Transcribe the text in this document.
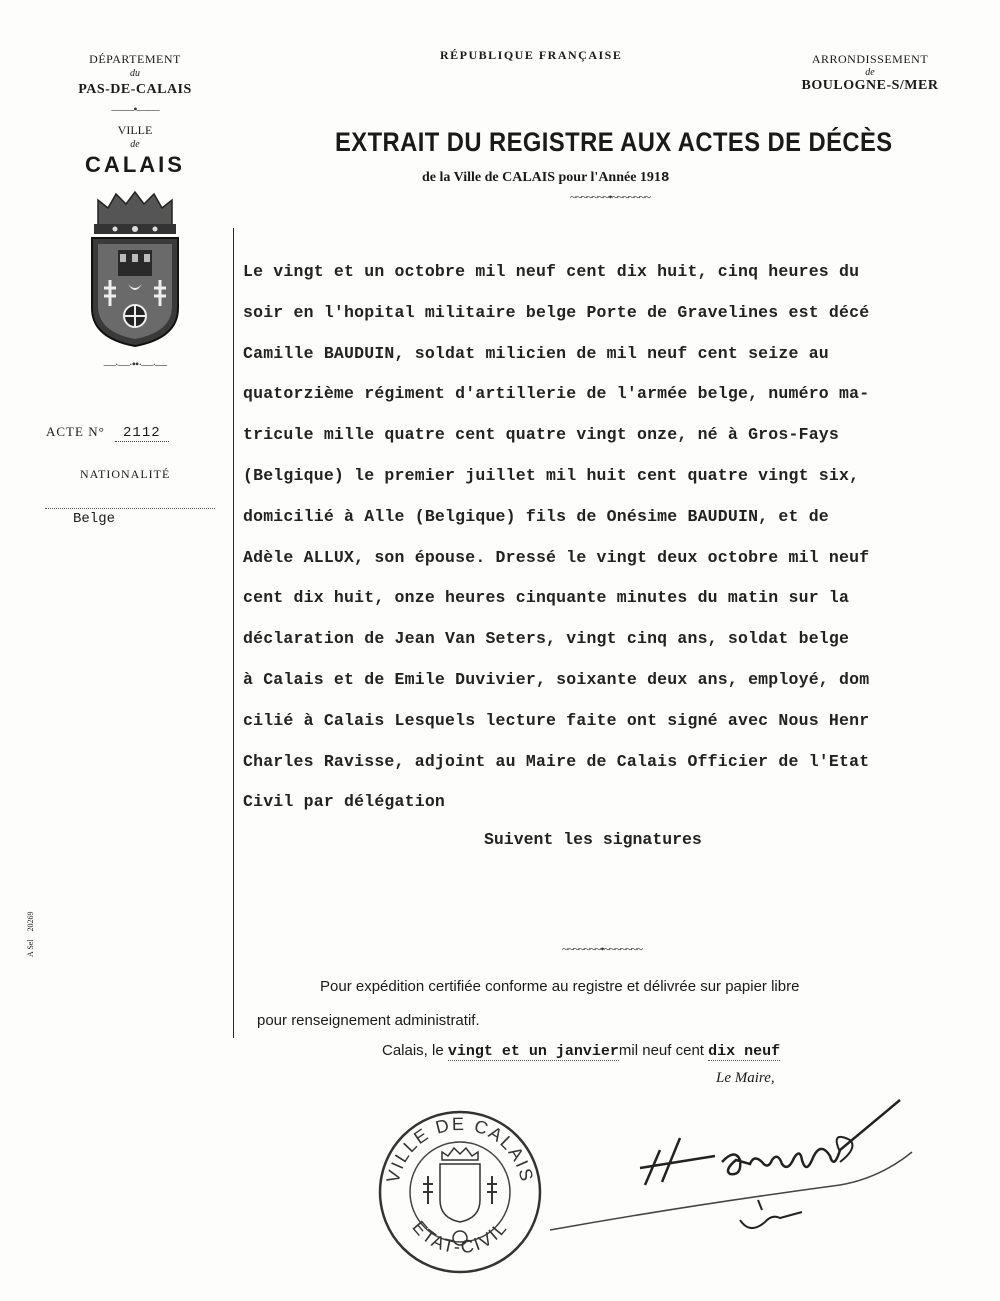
DÉPARTEMENT
du
PAS-DE-CALAIS
——•——
VILLE
de
CALAIS
—·—·••·—·—
ACTE N° 2112
NATIONALITÉ
Belge
A Sel20269
RÉPUBLIQUE FRANÇAISE	ARRONDISSEMENT
de
BOULOGNE-S/MER
EXTRAIT DU REGISTRE AUX ACTES DE DÉCÈS
de la Ville de CALAIS pour l'Année 1918
~~~~~~~•~~~~~~~
Le vingt et un octobre mil neuf cent dix huit, cinq heures du
soir en l'hopital militaire belge Porte de Gravelines est décé
Camille BAUDUIN, soldat milicien de mil neuf cent seize au
quatorzième régiment d'artillerie de l'armée belge, numéro ma-
tricule mille quatre cent quatre vingt onze, né à Gros-Fays
(Belgique) le premier juillet mil huit cent quatre vingt six,
domicilié à Alle (Belgique) fils de Onésime BAUDUIN, et de
Adèle ALLUX, son épouse. Dressé le vingt deux octobre mil neuf
cent dix huit, onze heures cinquante minutes du matin sur la
déclaration de Jean Van Seters, vingt cinq ans, soldat belge
à Calais et de Emile Duvivier, soixante deux ans, employé, dom
cilié à Calais Lesquels lecture faite ont signé avec Nous Henr
Charles Ravisse, adjoint au Maire de Calais Officier de l'Etat
Civil par délégation
Suivent les signatures
~~~~~~~•~~~~~~~
Pour expédition certifiée conforme au registre et délivrée sur papier libre
pour renseignement administratif.
Calais, le vingt et un janviermil neuf cent dix neuf
Le Maire,
VILLE DE CALAIS
ETAT-CIVIL
